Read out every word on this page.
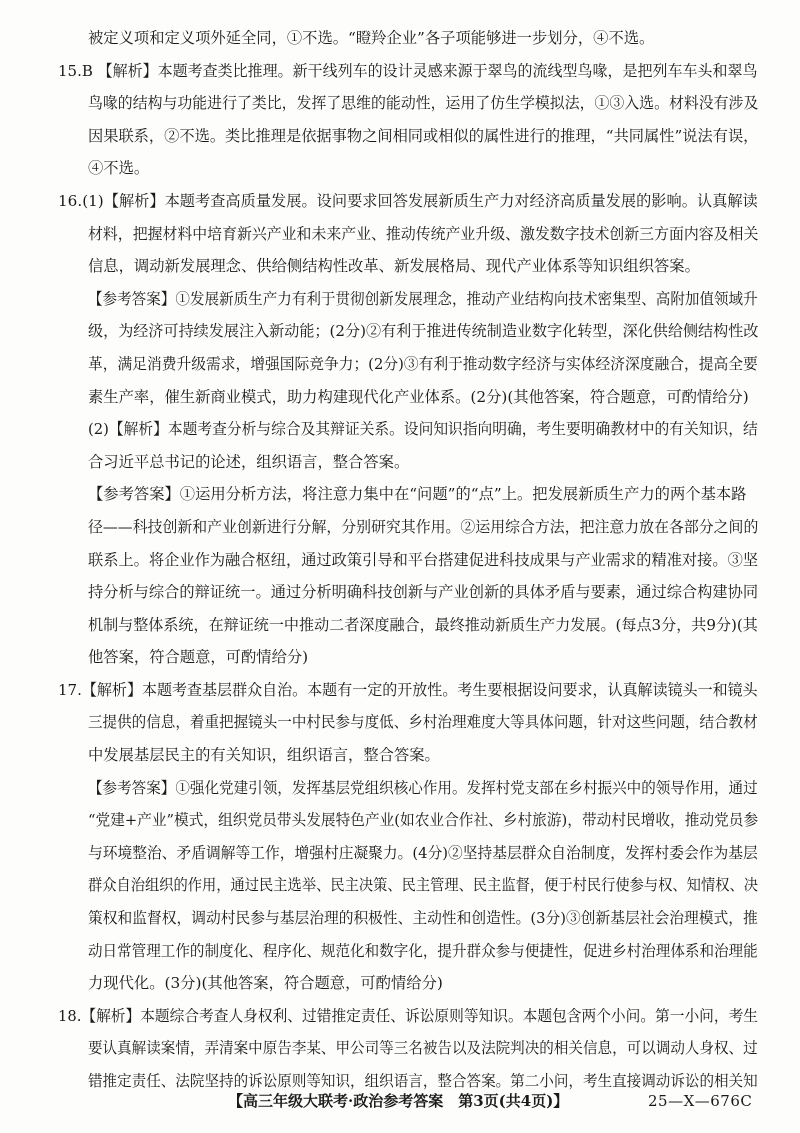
被定义项和定义项外延全同，①不选。“瞪羚企业”各子项能够进一步划分，④不选。
15.B 【解析】本题考查类比推理。新干线列车的设计灵感来源于翠鸟的流线型鸟喙，是把列车车头和翠鸟
鸟喙的结构与功能进行了类比，发挥了思维的能动性，运用了仿生学模拟法，①③入选。材料没有涉及
因果联系，②不选。类比推理是依据事物之间相同或相似的属性进行的推理，“共同属性”说法有误，
④不选。
16.(1)【解析】本题考查高质量发展。设问要求回答发展新质生产力对经济高质量发展的影响。认真解读
材料，把握材料中培育新兴产业和未来产业、推动传统产业升级、激发数字技术创新三方面内容及相关
信息，调动新发展理念、供给侧结构性改革、新发展格局、现代产业体系等知识组织答案。
【参考答案】①发展新质生产力有利于贯彻创新发展理念，推动产业结构向技术密集型、高附加值领域升
级，为经济可持续发展注入新动能；(2分)②有利于推进传统制造业数字化转型，深化供给侧结构性改
革，满足消费升级需求，增强国际竞争力；(2分)③有利于推动数字经济与实体经济深度融合，提高全要
素生产率，催生新商业模式，助力构建现代化产业体系。(2分)(其他答案，符合题意，可酌情给分)
(2)【解析】本题考查分析与综合及其辩证关系。设问知识指向明确，考生要明确教材中的有关知识，结
合习近平总书记的论述，组织语言，整合答案。
【参考答案】①运用分析方法，将注意力集中在“问题”的“点”上。把发展新质生产力的两个基本路
径——科技创新和产业创新进行分解，分别研究其作用。②运用综合方法，把注意力放在各部分之间的
联系上。将企业作为融合枢纽，通过政策引导和平台搭建促进科技成果与产业需求的精准对接。③坚
持分析与综合的辩证统一。通过分析明确科技创新与产业创新的具体矛盾与要素，通过综合构建协同
机制与整体系统，在辩证统一中推动二者深度融合，最终推动新质生产力发展。(每点3分，共9分)(其
他答案，符合题意，可酌情给分)
17.【解析】本题考查基层群众自治。本题有一定的开放性。考生要根据设问要求，认真解读镜头一和镜头
三提供的信息，着重把握镜头一中村民参与度低、乡村治理难度大等具体问题，针对这些问题，结合教材
中发展基层民主的有关知识，组织语言，整合答案。
【参考答案】①强化党建引领，发挥基层党组织核心作用。发挥村党支部在乡村振兴中的领导作用，通过
“党建+产业”模式，组织党员带头发展特色产业(如农业合作社、乡村旅游)，带动村民增收，推动党员参
与环境整治、矛盾调解等工作，增强村庄凝聚力。(4分)②坚持基层群众自治制度，发挥村委会作为基层
群众自治组织的作用，通过民主选举、民主决策、民主管理、民主监督，便于村民行使参与权、知情权、决
策权和监督权，调动村民参与基层治理的积极性、主动性和创造性。(3分)③创新基层社会治理模式，推
动日常管理工作的制度化、程序化、规范化和数字化，提升群众参与便捷性，促进乡村治理体系和治理能
力现代化。(3分)(其他答案，符合题意，可酌情给分)
18.【解析】本题综合考查人身权利、过错推定责任、诉讼原则等知识。本题包含两个小问。第一小问，考生
要认真解读案情，弄清案中原告李某、甲公司等三名被告以及法院判决的相关信息，可以调动人身权、过
错推定责任、法院坚持的诉讼原则等知识，组织语言，整合答案。第二小问，考生直接调动诉讼的相关知
【高三年级大联考·政治参考答案　第3页(共4页)】	25—X—676C
